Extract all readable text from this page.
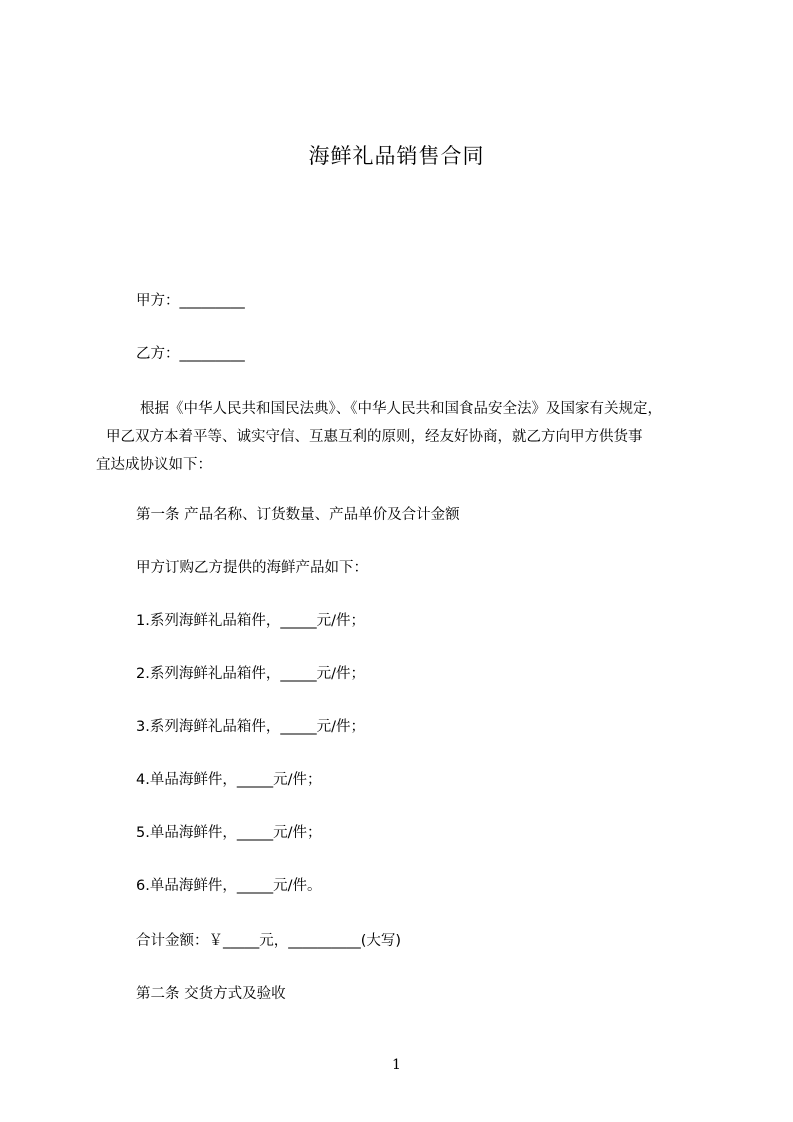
海鲜礼品销售合同
甲方：_________
乙方：_________
根据《中华人民共和国民法典》、《中华人民共和国食品安全法》及国家有关规定，
甲乙双方本着平等、诚实守信、互惠互利的原则，经友好协商，就乙方向甲方供货事
宜达成协议如下：
第一条 产品名称、订货数量、产品单价及合计金额
甲方订购乙方提供的海鲜产品如下：
1.系列海鲜礼品箱件，_____元/件；
2.系列海鲜礼品箱件，_____元/件；
3.系列海鲜礼品箱件，_____元/件；
4.单品海鲜件，_____元/件；
5.单品海鲜件，_____元/件；
6.单品海鲜件，_____元/件。
合计金额：￥_____元，__________(大写)
第二条 交货方式及验收
1
